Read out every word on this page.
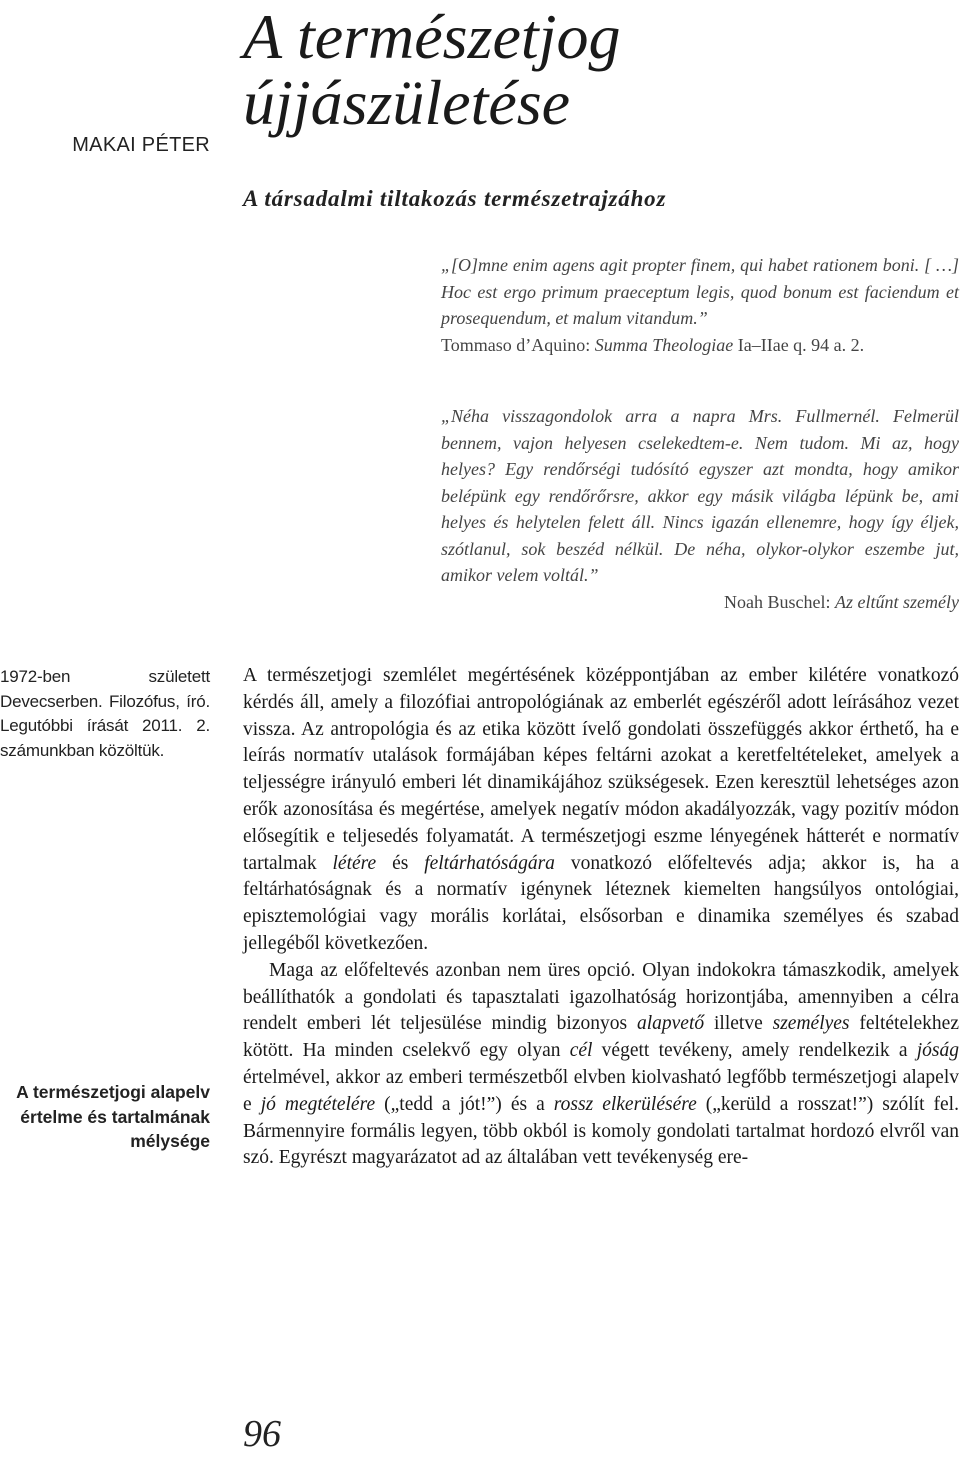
MAKAI PÉTER
A természetjog
újjászületése
A társadalmi tiltakozás természetrajzához

„[O]mne enim agens agit propter finem, qui habet rationem boni. [ …] Hoc est ergo primum praeceptum legis, quod bonum est faciendum et prosequendum, et malum vitandum.”

Tommaso d’Aquino: Summa Theologiae Ia–IIae q. 94 a. 2.

„Néha visszagondolok arra a napra Mrs. Fullmernél. Felmerül bennem, vajon helyesen cselekedtem-e. Nem tudom. Mi az, hogy helyes? Egy rendőrségi tudósító egyszer azt mondta, hogy amikor belépünk egy rendőrőrsre, akkor egy másik világba lépünk be, ami helyes és helytelen felett áll. Nincs igazán ellenemre, hogy így éljek, szótlanul, sok beszéd nélkül. De néha, olykor-olykor eszembe jut, amikor velem voltál.”

Noah Buschel: Az eltűnt személy

1972-ben született Devecserben. Filozófus, író. Legutóbbi írását 2011. 2. számunkban közöltük.

A természetjogi alapelv értelme és tartalmának mélysége

A természetjogi szemlélet megértésének középpontjában az ember kilétére vonatkozó kérdés áll, amely a filozófiai antropológiának az emberlét egészéről adott leírásához vezet vissza. Az antropológia és az etika között ívelő gondolati összefüggés akkor érthető, ha e leírás normatív utalások formájában képes feltárni azokat a keretfeltételeket, amelyek a teljességre irányuló emberi lét dinamikájához szükségesek. Ezen keresztül lehetséges azon erők azonosítása és megértése, amelyek negatív módon akadályozzák, vagy pozitív módon elősegítik e teljesedés folyamatát. A természetjogi eszme lényegének hátterét e normatív tartalmak létére és feltárhatóságára vonatkozó előfeltevés adja; akkor is, ha a feltárhatóságnak és a normatív igénynek léteznek kiemelten hangsúlyos ontológiai, episztemológiai vagy morális korlátai, elsősorban e dinamika személyes és szabad jellegéből következően.

Maga az előfeltevés azonban nem üres opció. Olyan indokokra támaszkodik, amelyek beállíthatók a gondolati és tapasztalati igazolhatóság horizontjába, amennyiben a célra rendelt emberi lét teljesülése mindig bizonyos alapvető illetve személyes feltételekhez kötött. Ha minden cselekvő egy olyan cél végett tevékeny, amely rendelkezik a jóság értelmével, akkor az emberi természetből elvben kiolvasható legfőbb természetjogi alapelv e jó megtételére („tedd a jót!”) és a rossz elkerülésére („kerüld a rosszat!”) szólít fel. Bármennyire formális legyen, több okból is komoly gondolati tartalmat hordozó elvről van szó. Egyrészt magyarázatot ad az általában vett tevékenység ere-

96
